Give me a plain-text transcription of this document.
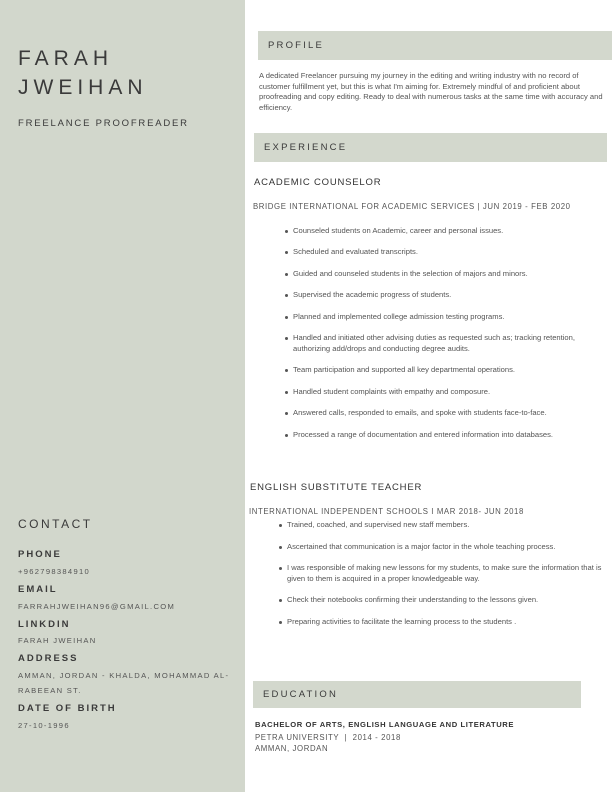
FARAH
JWEIHAN
FREELANCE PROOFREADER
CONTACT
PHONE
+962798384910
EMAIL
FARRAHJWEIHAN96@GMAIL.COM
LINKDIN
FARAH JWEIHAN
ADDRESS
AMMAN, JORDAN - KHALDA, MOHAMMAD AL-RABEEAN ST.
DATE OF BIRTH
27-10-1996
PROFILE
A dedicated Freelancer pursuing my journey in the editing and writing industry with no record of customer fulfillment yet, but this is what I'm aiming for. Extremely mindful of and proficient about proofreading and copy editing. Ready to deal with numerous tasks at the same time with accuracy and efficiency.
EXPERIENCE
ACADEMIC COUNSELOR
BRIDGE INTERNATIONAL FOR ACADEMIC SERVICES | JUN 2019 - FEB 2020
Counseled students on Academic, career and personal issues.
Scheduled and evaluated transcripts.
Guided and counseled students in the selection of majors and minors.
Supervised the academic progress of students.
Planned and implemented college admission testing programs.
Handled and initiated other advising duties as requested such as; tracking retention, authorizing add/drops and conducting degree audits.
Team participation and supported all key departmental operations.
Handled student complaints with empathy and composure.
Answered calls, responded to emails, and spoke with students face-to-face.
Processed a range of documentation and entered information into databases.
ENGLISH SUBSTITUTE TEACHER
INTERNATIONAL INDEPENDENT SCHOOLS I MAR 2018- JUN 2018
Trained, coached, and supervised new staff members.
Ascertained that communication is a major factor in the whole teaching process.
I was responsible of making new lessons for my students, to make sure the information that is given to them is acquired in a proper knowledgeable way.
Check their notebooks confirming their understanding to the lessons given.
Preparing activities to facilitate the learning process to the students .
EDUCATION
BACHELOR OF ARTS, ENGLISH LANGUAGE AND LITERATURE
PETRA UNIVERSITY  |  2014 - 2018
AMMAN, JORDAN
